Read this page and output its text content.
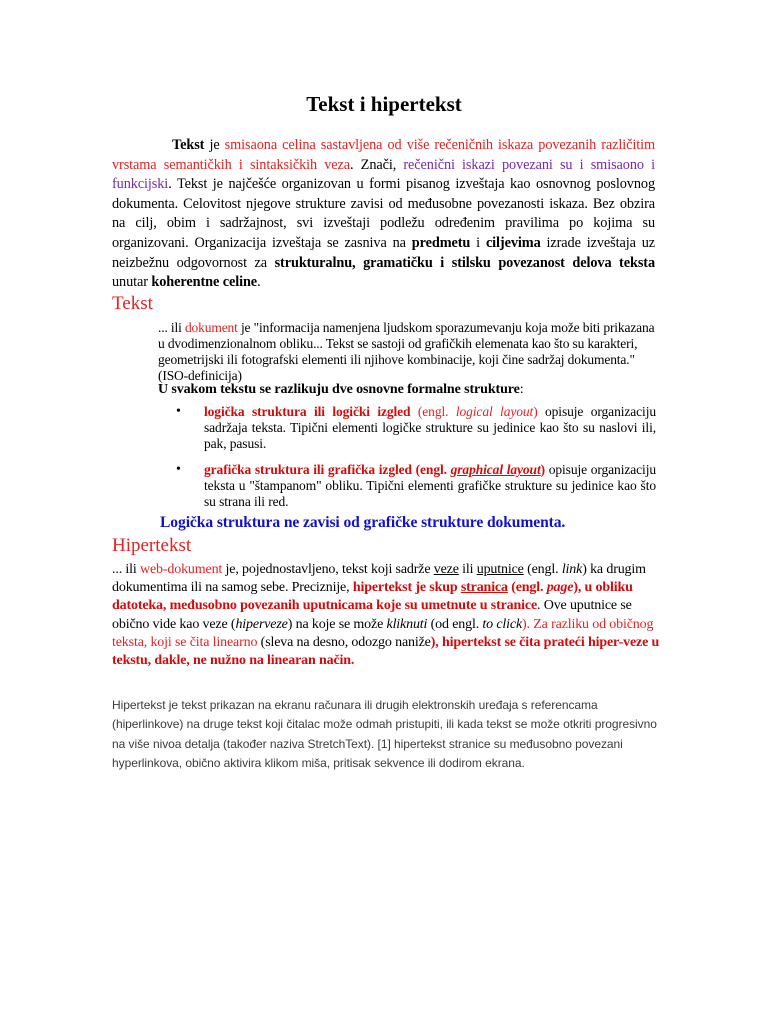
Tekst i hipertekst

Tekst je smisaona celina sastavljena od više rečeničnih iskaza povezanih različitim vrstama semantičkih i sintaksičkih veza. Znači, rečenični iskazi povezani su i smisaono i funkcijski. Tekst je najčešće organizovan u formi pisanog izveštaja kao osnovnog poslovnog dokumenta. Celovitost njegove strukture zavisi od međusobne povezanosti iskaza. Bez obzira na cilj, obim i sadržajnost, svi izveštaji podležu određenim pravilima po kojima su organizovani. Organizacija izveštaja se zasniva na predmetu i ciljevima izrade izveštaja uz neizbežnu odgovornost za strukturalnu, gramatičku i stilsku povezanost delova teksta unutar koherentne celine.

Tekst

... ili dokument je "informacija namenjena ljudskom sporazumevanju koja može biti prikazana u dvodimenzionalnom obliku... Tekst se sastoji od grafičkih elemenata kao što su karakteri, geometrijski ili fotografski elementi ili njihove kombinacije, koji čine sadržaj dokumenta." (ISO-definicija)

U svakom tekstu se razlikuju dve osnovne formalne strukture:

•	logička struktura ili logički izgled (engl. logical layout) opisuje organizaciju sadržaja teksta. Tipični elementi logičke strukture su jedinice kao što su naslovi ili, pak, pasusi.
•	grafička struktura ili grafička izgled (engl. graphical layout) opisuje organizaciju teksta u "štampanom" obliku. Tipični elementi grafičke strukture su jedinice kao što su strana ili red.

Logička struktura ne zavisi od grafičke strukture dokumenta.

Hipertekst

... ili web-dokument je, pojednostavljeno, tekst koji sadrže veze ili uputnice (engl. link) ka drugim dokumentima ili na samog sebe. Preciznije, hipertekst je skup stranica (engl. page), u obliku datoteka, međusobno povezanih uputnicama koje su umetnute u stranice. Ove uputnice se obično vide kao veze (hiperveze) na koje se može kliknuti (od engl. to click). Za razliku od običnog teksta, koji se čita linearno (sleva na desno, odozgo naniže), hipertekst se čita prateći hiper-veze u tekstu, dakle, ne nužno na linearan način.

Hipertekst je tekst prikazan na ekranu računara ili drugih elektronskih uređaja s referencama (hiperlinkove) na druge tekst koji čitalac može odmah pristupiti, ili kada tekst se može otkriti progresivno na više nivoa detalja (također naziva StretchText). [1] hipertekst stranice su međusobno povezani hyperlinkova, obično aktivira klikom miša, pritisak sekvence ili dodirom ekrana.
